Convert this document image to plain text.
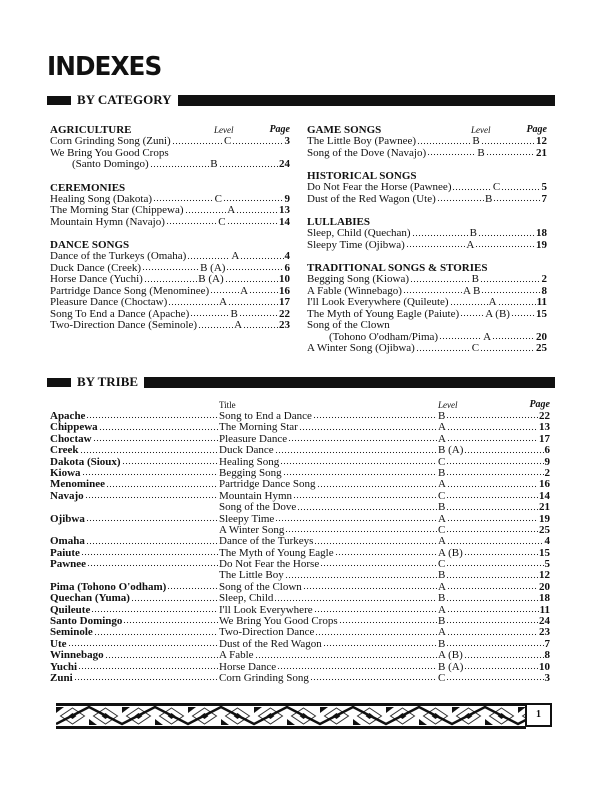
INDEXES
BY CATEGORY
AGRICULTURE	Level	Page
Corn Grinding Song (Zuni)	C	3
We Bring You Good Crops
(Santo Domingo)	B	24
CEREMONIES
Healing Song (Dakota)	C	9
The Morning Star (Chippewa)	A	13
Mountain Hymn (Navajo)	C	14
DANCE SONGS
Dance of the Turkeys (Omaha)	A	4
Duck Dance (Creek)	B (A)	6
Horse Dance (Yuchi)	B (A)	10
Partridge Dance Song (Menominee)	A	16
Pleasure Dance (Choctaw)	A	17
Song To End a Dance (Apache)	B	22
Two-Direction Dance (Seminole)	A	23
GAME SONGS	Level	Page
The Little Boy (Pawnee)	B	12
Song of the Dove (Navajo)	B	21
HISTORICAL SONGS
Do Not Fear the Horse (Pawnee)	C	5
Dust of the Red Wagon (Ute)	B	7
LULLABIES
Sleep, Child (Quechan)	B	18
Sleepy Time (Ojibwa)	A	19
TRADITIONAL SONGS & STORIES
Begging Song (Kiowa)	B	2
A Fable (Winnebago)	A B	8
I'll Look Everywhere (Quileute)	A	11
The Myth of Young Eagle (Paiute) A (B) 15
Song of the Clown
(Tohono O'odham/Pima)	A	20
A Winter Song (Ojibwa)	C	25
BY TRIBE
Title	Level	Page
Apache	Song to End a Dance	B	22
Chippewa	The Morning Star	A	13
Choctaw	Pleasure Dance	A	17
Creek	Duck Dance	B (A)	6
Dakota (Sioux)	Healing Song	C	9
Kiowa	Begging Song	B	2
Menominee	Partridge Dance Song	A	16
Navajo	Mountain Hymn	C	14
Song of the Dove	B	21
Ojibwa	Sleepy Time	A	19
A Winter Song	C	25
Omaha	Dance of the Turkeys	A	4
Paiute	The Myth of Young Eagle	A (B)	15
Pawnee	Do Not Fear the Horse	C	5
The Little Boy	B	12
Pima (Tohono O'odham)	Song of the Clown	A	20
Quechan (Yuma)	Sleep, Child	B	18
Quileute	I'll Look Everywhere	A	11
Santo Domingo	We Bring You Good Crops	B	24
Seminole	Two-Direction Dance	A	23
Ute	Dust of the Red Wagon	B	7
Winnebago	A Fable	A (B)	8
Yuchi	Horse Dance	B (A)	10
Zuni	Corn Grinding Song	C	3
1
